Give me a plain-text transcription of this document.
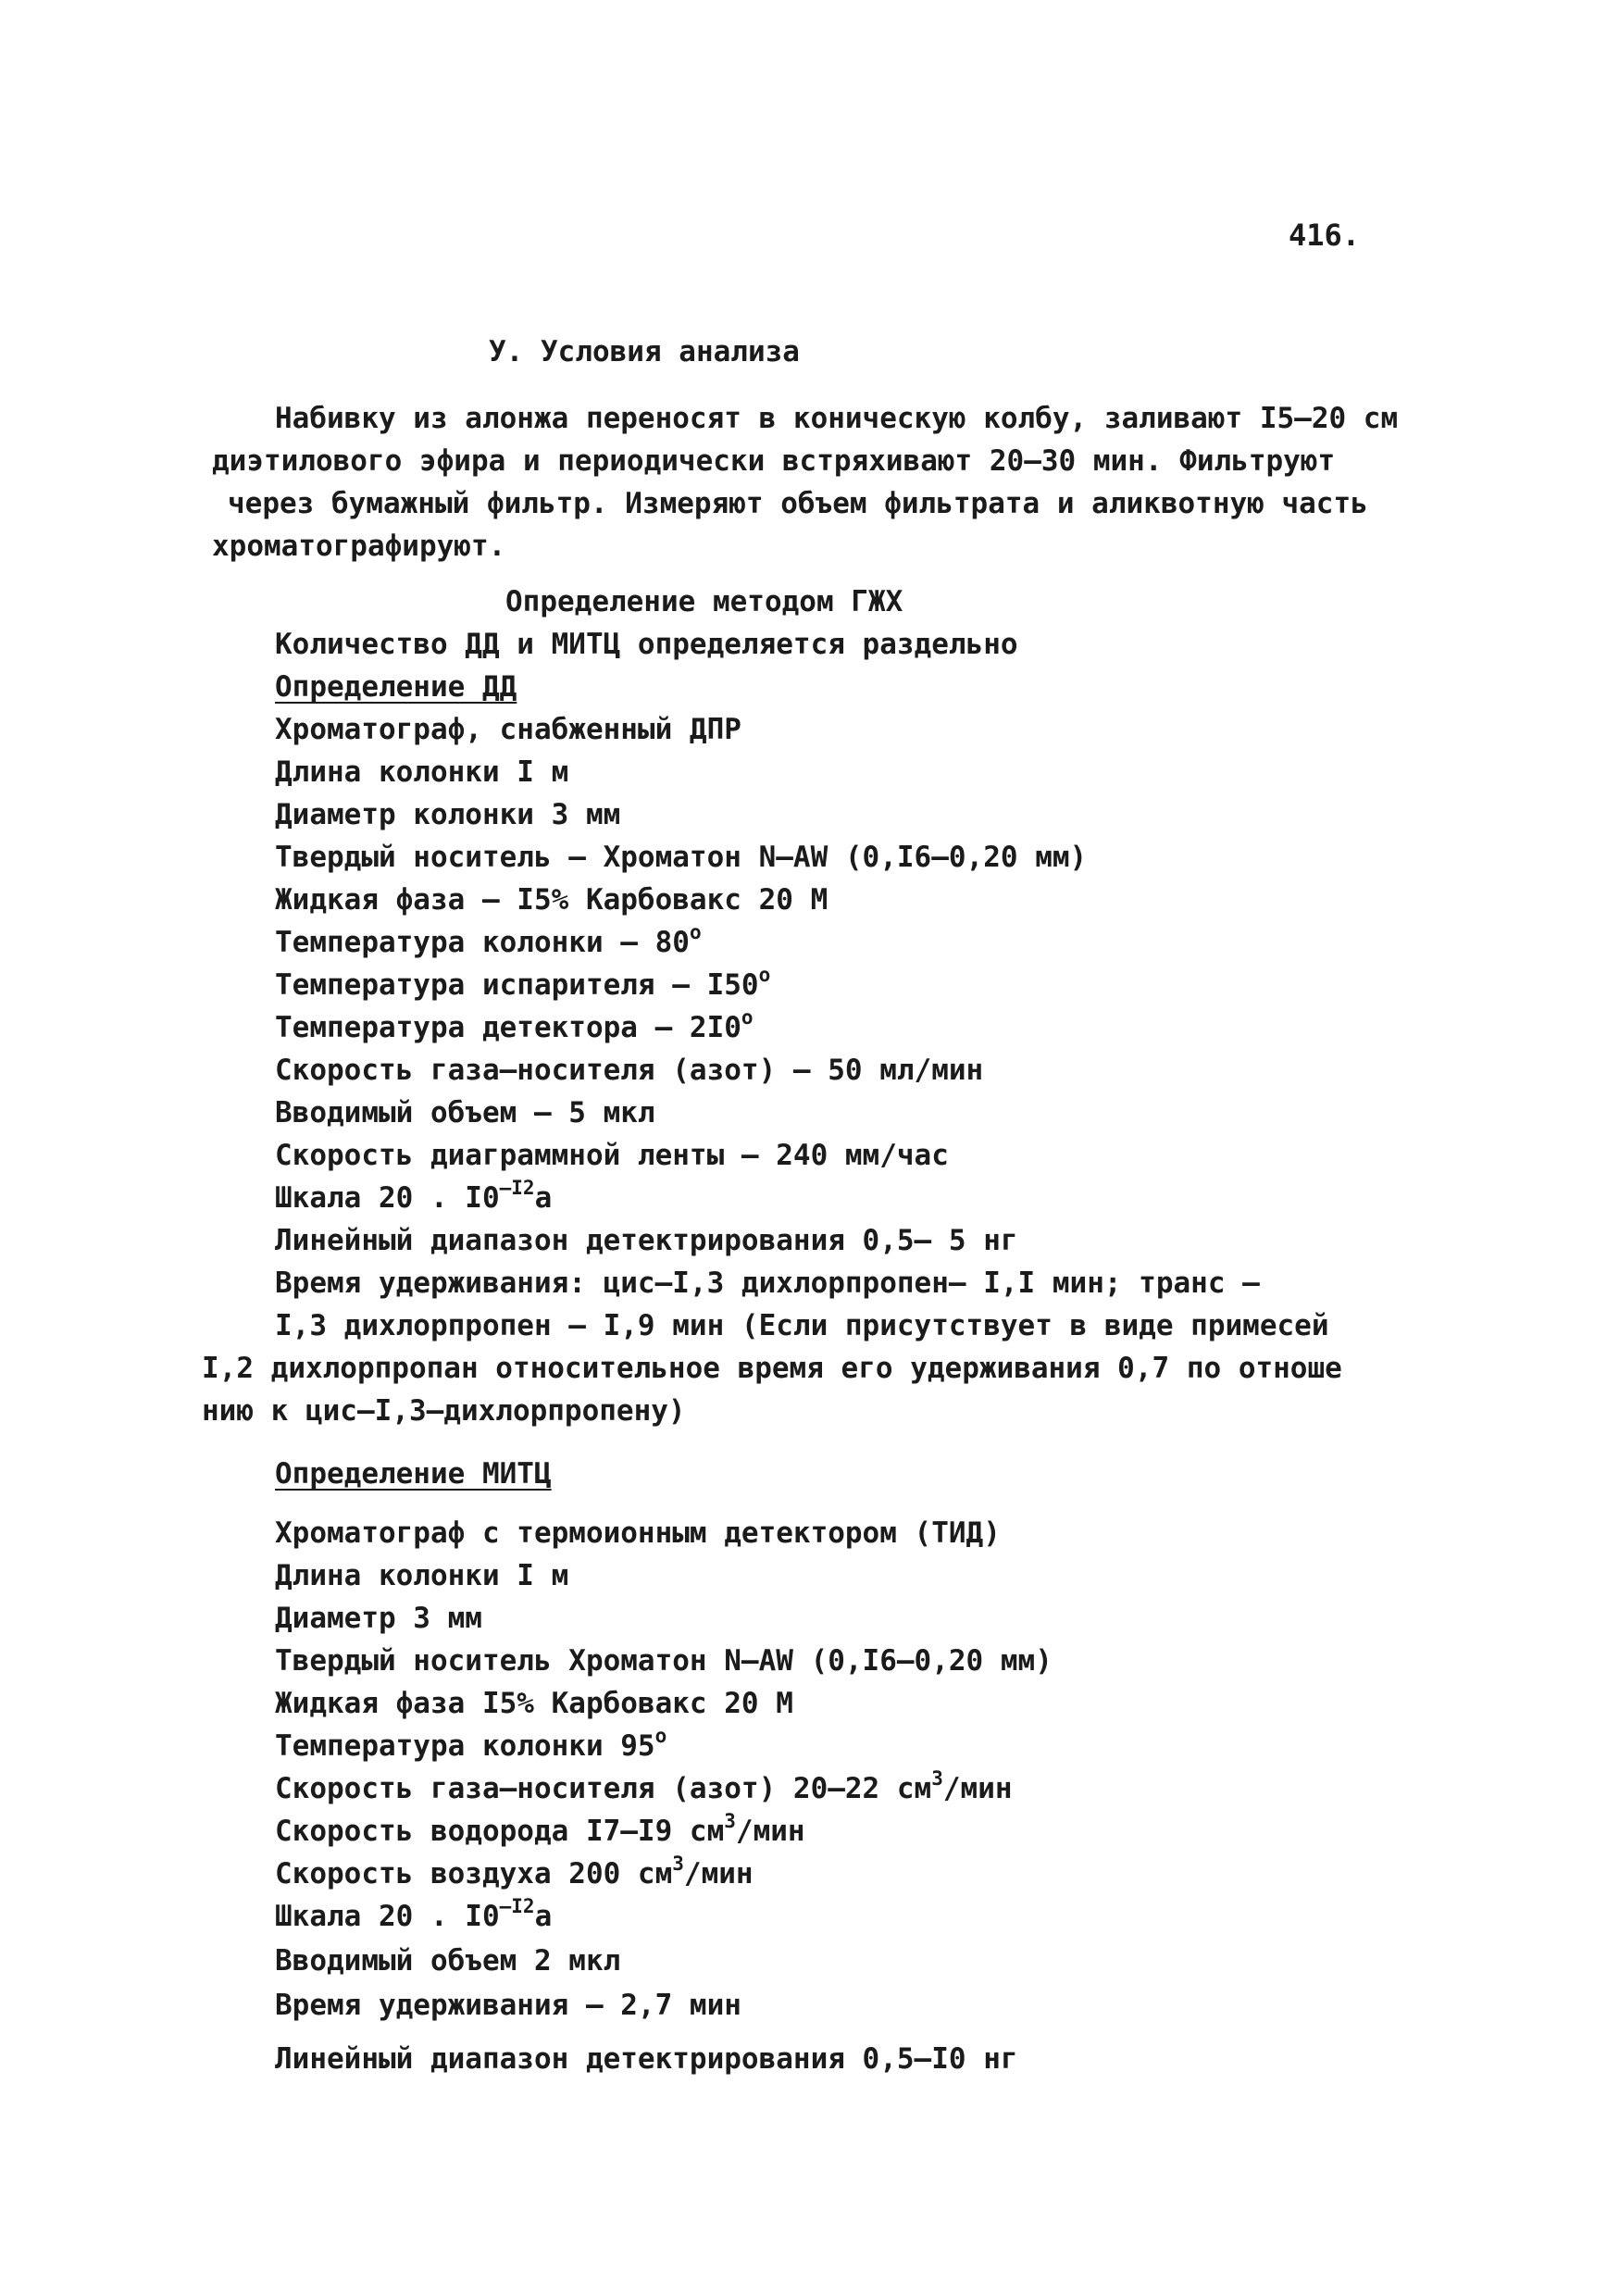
416.
У. Условия анализа
Набивку из алонжа переносят в коническую колбу, заливают I5–20 см
диэтилового эфира и периодически встряхивают 20–30 мин. Фильтруют
через бумажный фильтр. Измеряют объем фильтрата и аликвотную часть
хроматографируют.
Определение методом ГЖХ
Количество ДД и МИТЦ определяется раздельно
Определение ДД
Хроматограф, снабженный ДПР
Длина колонки I м
Диаметр колонки 3 мм
Твердый носитель – Хроматон N–AW (0,I6–0,20 мм)
Жидкая фаза – I5% Карбовакс 20 М
Температура колонки – $80^о$
Температура испарителя – $I50^о$
Температура детектора – $2I0^о$
Скорость газа–носителя (азот) – 50 мл/мин
Вводимый объем – 5 мкл
Скорость диаграммной ленты – 240 мм/час
Шкала 20 . $I0^{-I2}а$
Линейный диапазон детектрирования 0,5– 5 нг
Время удерживания: цис–I,3 дихлорпропен– I,I мин; транс –
I,3 дихлорпропен – I,9 мин (Если присутствует в виде примесей
I,2 дихлорпропан относительное время его удерживания 0,7 по отноше
нию к цис–I,3–дихлорпропену)
Определение МИТЦ
Хроматограф с термоионным детектором (ТИД)
Длина колонки I м
Диаметр 3 мм
Твердый носитель Хроматон N–AW (0,I6–0,20 мм)
Жидкая фаза I5% Карбовакс 20 М
Температура колонки $95^о$
Скорость газа–носителя (азот) 20–22 $см^3$/мин
Скорость водорода I7–I9 $см^3$/мин
Скорость воздуха 200 $см^3$/мин
Шкала 20 . $I0^{-I2}а$
Вводимый объем 2 мкл
Время удерживания – 2,7 мин
Линейный диапазон детектрирования 0,5–I0 нг
